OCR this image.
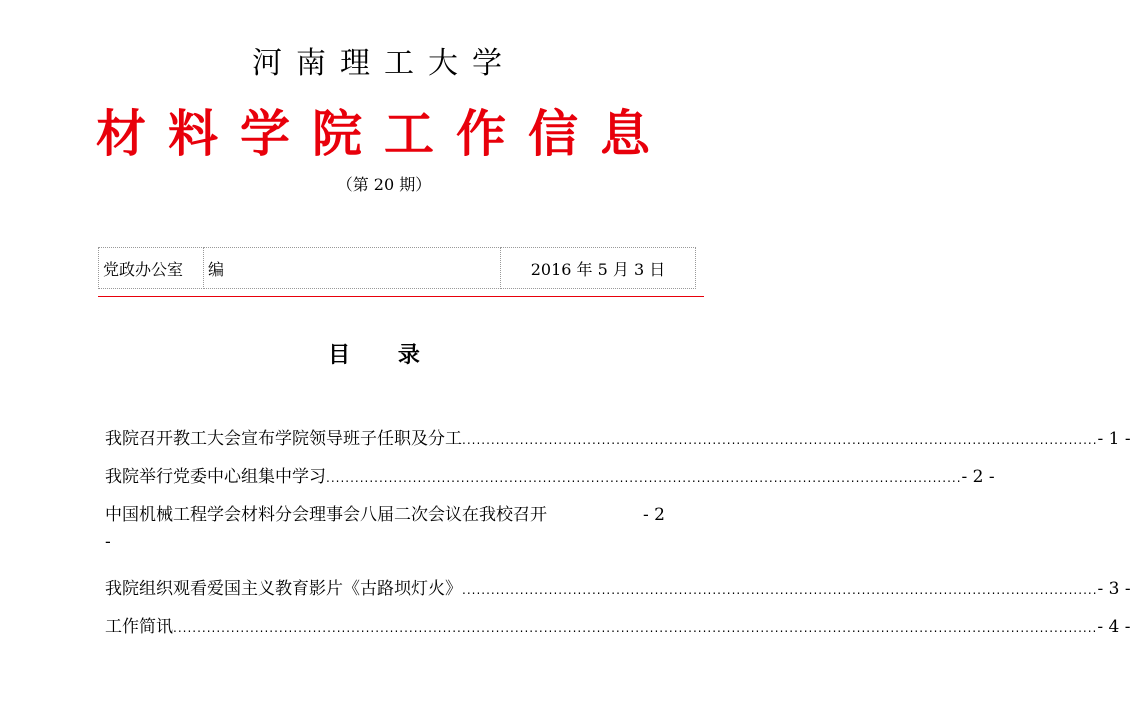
河南理工大学
材料学院工作信息
（第 20 期）
党政办公室	编	2016 年 5 月 3 日
目 录
我院召开教工大会宣布学院领导班子任职及分工 .................................................................................................................................... - 1 -
我院举行党委中心组集中学习 .................................................................................................................................... - 2 -
中国机械工程学会材料分会理事会八届二次会议在我校召开	- 2
-
我院组织观看爱国主义教育影片《古路坝灯火》 .................................................................................................................................... - 3 -
工作简讯 ................................................................................................................................................................................................ - 4 -
